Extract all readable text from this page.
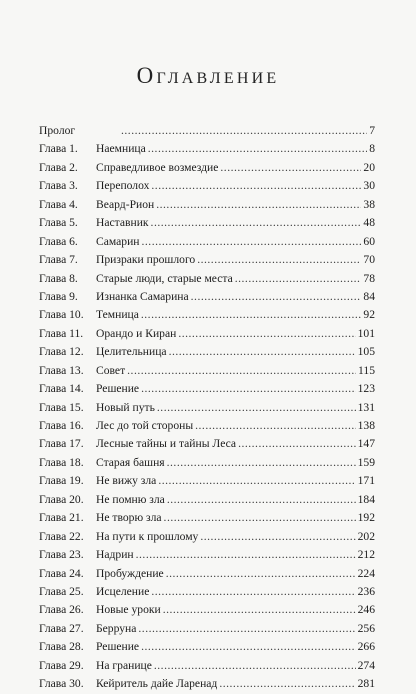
Оглавление
Пролог . . .	7
Глава 1.	Наемница . . .	8
Глава 2.	Справедливое возмездие . . .	20
Глава 3.	Переполох . . .	30
Глава 4.	Веард-Рион . . .	38
Глава 5.	Наставник . . .	48
Глава 6.	Самарин . . .	60
Глава 7.	Призраки прошлого . . .	70
Глава 8.	Старые люди, старые места . . .	78
Глава 9.	Изнанка Самарина . . .	84
Глава 10.	Темница . . .	92
Глава 11.	Орандо и Киран . . .	101
Глава 12.	Целительница . . .	105
Глава 13.	Совет . . .	115
Глава 14.	Решение . . .	123
Глава 15.	Новый путь . . .	131
Глава 16.	Лес до той стороны . . .	138
Глава 17.	Лесные тайны и тайны Леса . . .	147
Глава 18.	Старая башня . . .	159
Глава 19.	Не вижу зла . . .	171
Глава 20.	Не помню зла . . .	184
Глава 21.	Не творю зла . . .	192
Глава 22.	На пути к прошлому . . .	202
Глава 23.	Надрин . . .	212
Глава 24.	Пробуждение . . .	224
Глава 25.	Исцеление . . .	236
Глава 26.	Новые уроки . . .	246
Глава 27.	Берруна . . .	256
Глава 28.	Решение . . .	266
Глава 29.	На границе . . .	274
Глава 30.	Кейритель дайе Ларенад . . .	281
